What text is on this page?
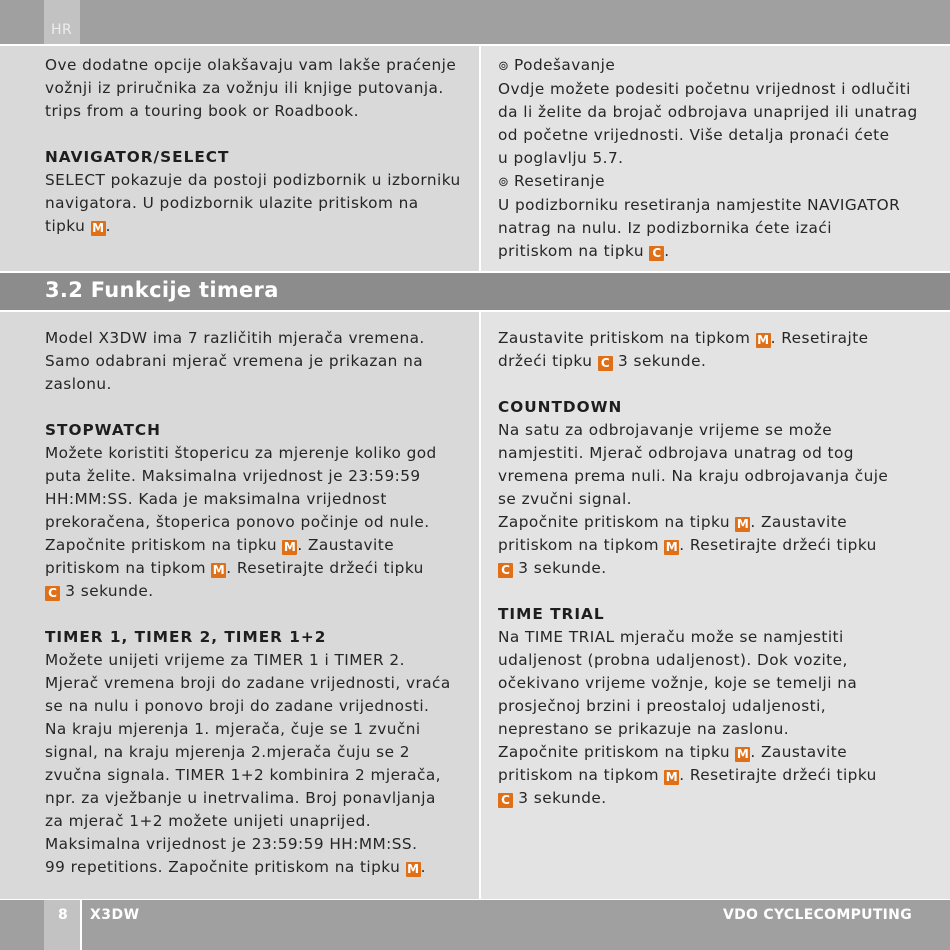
HR

Ove dodatne opcije olakšavaju vam lakše praćenje

vožnji iz priručnika za vožnju ili knjige putovanja.

trips from a touring book or Roadbook.

NAVIGATOR/SELECT

SELECT pokazuje da postoji podizbornik u izborniku

navigatora. U podizbornik ulazite pritiskom na

tipku M .

⊚ Podešavanje

Ovdje možete podesiti početnu vrijednost i odlučiti

da li želite da brojač odbrojava unaprijed ili unatrag

od početne vrijednosti. Više detalja pronaći ćete

u poglavlju 5.7.

⊚ Resetiranje

U podizborniku resetiranja namjestite NAVIGATOR

natrag na nulu. Iz podizbornika ćete izaći

pritiskom na tipku C .

3.2 Funkcije timera

Model X3DW ima 7 različitih mjerača vremena.

Samo odabrani mjerač vremena je prikazan na

zaslonu.

STOPWATCH

Možete koristiti štopericu za mjerenje koliko god

puta želite. Maksimalna vrijednost je 23:59:59

HH:MM:SS. Kada je maksimalna vrijednost

prekoračena, štoperica ponovo počinje od nule.

Započnite pritiskom na tipku M . Zaustavite

pritiskom na tipkom M . Resetirajte držeći tipku

C 3 sekunde.

TIMER 1, TIMER 2, TIMER 1+2

Možete unijeti vrijeme za TIMER 1 i TIMER 2.

Mjerač vremena broji do zadane vrijednosti, vraća

se na nulu i ponovo broji do zadane vrijednosti.

Na kraju mjerenja 1. mjerača, čuje se 1 zvučni

signal, na kraju mjerenja 2.mjerača čuju se 2

zvučna signala. TIMER 1+2 kombinira 2 mjerača,

npr. za vježbanje u inetrvalima. Broj ponavljanja

za mjerač 1+2 možete unijeti unaprijed.

Maksimalna vrijednost je 23:59:59 HH:MM:SS.

99 repetitions. Započnite pritiskom na tipku M .

Zaustavite pritiskom na tipkom M . Resetirajte

držeći tipku C 3 sekunde.

COUNTDOWN

Na satu za odbrojavanje vrijeme se može

namjestiti. Mjerač odbrojava unatrag od tog

vremena prema nuli. Na kraju odbrojavanja čuje

se zvučni signal.

Započnite pritiskom na tipku M . Zaustavite

pritiskom na tipkom M . Resetirajte držeći tipku

C 3 sekunde.

TIME TRIAL

Na TIME TRIAL mjeraču može se namjestiti

udaljenost (probna udaljenost). Dok vozite,

očekivano vrijeme vožnje, koje se temelji na

prosječnoj brzini i preostaloj udaljenosti,

neprestano se prikazuje na zaslonu.

Započnite pritiskom na tipku M . Zaustavite

pritiskom na tipkom M . Resetirajte držeći tipku

C 3 sekunde.

8 X3DW	VDO CYCLECOMPUTING
